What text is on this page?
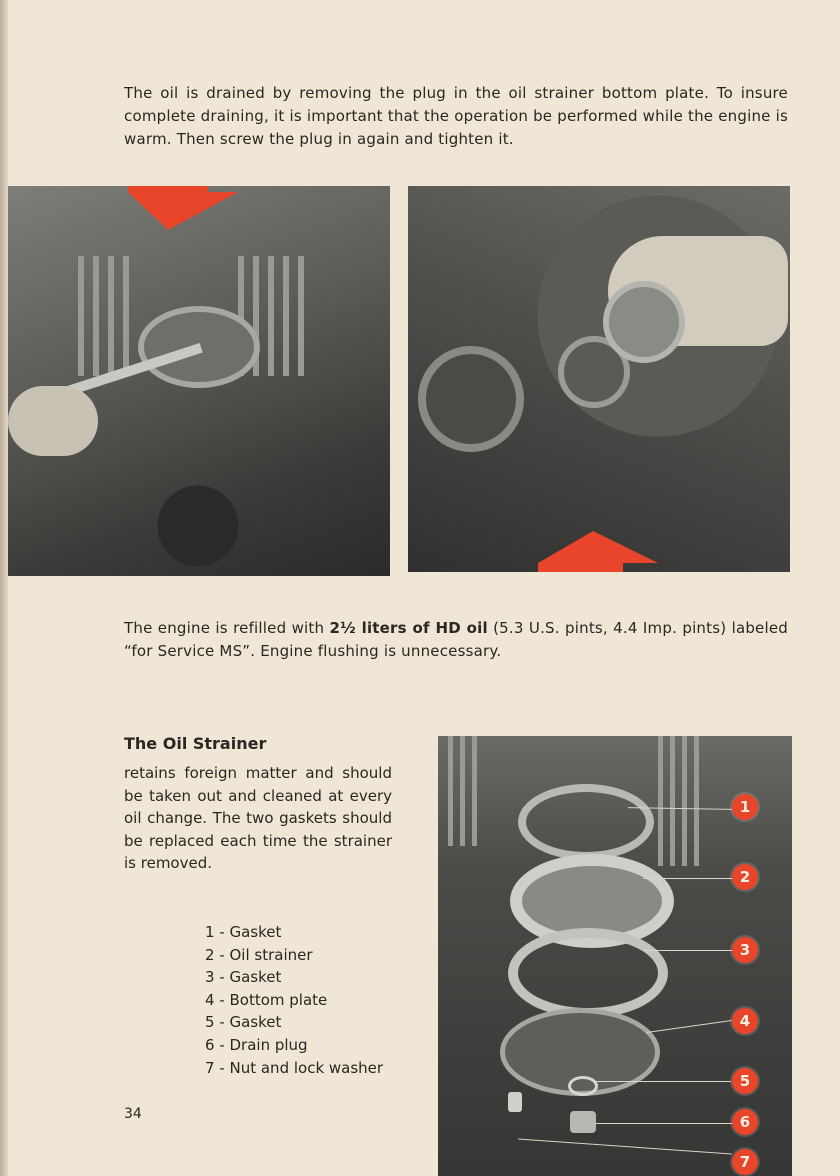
The oil is drained by removing the plug in the oil strainer bottom plate. To insure complete draining, it is important that the operation be performed while the engine is warm. Then screw the plug in again and tighten it.

The engine is refilled with 2½ liters of HD oil (5.3 U.S. pints, 4.4 Imp. pints) labeled “for Service MS”. Engine flushing is unnecessary.

The Oil Strainer

retains foreign matter and should be taken out and cleaned at every oil change. The two gaskets should be replaced each time the strainer is removed.

1 - Gasket
2 - Oil strainer
3 - Gasket
4 - Bottom plate
5 - Gasket
6 - Drain plug
7 - Nut and lock washer
1
2
3
4
5
6
7
34
